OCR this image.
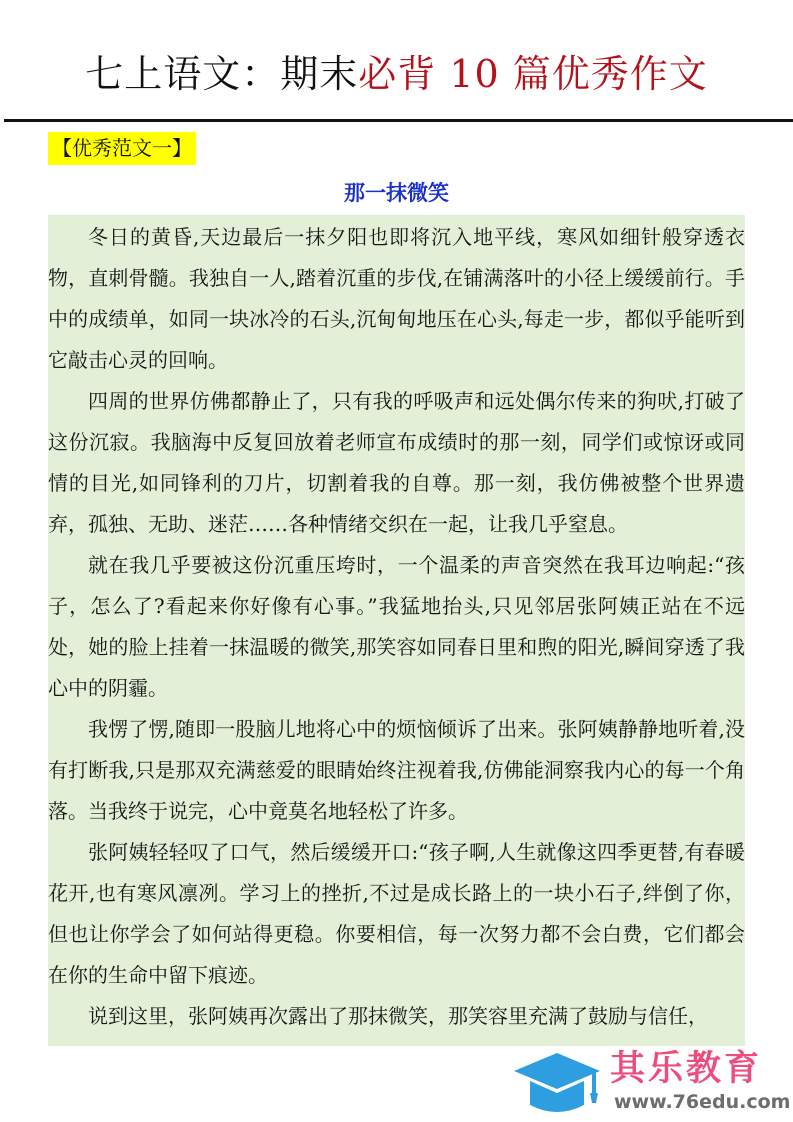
七上语文：期末必背 10 篇优秀作文
【优秀范文一】
那一抹微笑

冬日的黄昏,天边最后一抹夕阳也即将沉入地平线，寒风如细针般穿透衣物，直刺骨髓。我独自一人,踏着沉重的步伐,在铺满落叶的小径上缓缓前行。手中的成绩单，如同一块冰冷的石头,沉甸甸地压在心头,每走一步，都似乎能听到它敲击心灵的回响。

四周的世界仿佛都静止了，只有我的呼吸声和远处偶尔传来的狗吠,打破了这份沉寂。我脑海中反复回放着老师宣布成绩时的那一刻，同学们或惊讶或同情的目光,如同锋利的刀片，切割着我的自尊。那一刻，我仿佛被整个世界遗弃，孤独、无助、迷茫……各种情绪交织在一起，让我几乎窒息。

就在我几乎要被这份沉重压垮时，一个温柔的声音突然在我耳边响起:“孩子，怎么了?看起来你好像有心事。”我猛地抬头,只见邻居张阿姨正站在不远处，她的脸上挂着一抹温暖的微笑,那笑容如同春日里和煦的阳光,瞬间穿透了我心中的阴霾。

我愣了愣,随即一股脑儿地将心中的烦恼倾诉了出来。张阿姨静静地听着,没有打断我,只是那双充满慈爱的眼睛始终注视着我,仿佛能洞察我内心的每一个角落。当我终于说完，心中竟莫名地轻松了许多。

张阿姨轻轻叹了口气，然后缓缓开口:“孩子啊,人生就像这四季更替,有春暖花开,也有寒风凛冽。学习上的挫折,不过是成长路上的一块小石子,绊倒了你，但也让你学会了如何站得更稳。你要相信，每一次努力都不会白费，它们都会在你的生命中留下痕迹。

说到这里，张阿姨再次露出了那抹微笑，那笑容里充满了鼓励与信任，

其乐教育
www.76edu.com
